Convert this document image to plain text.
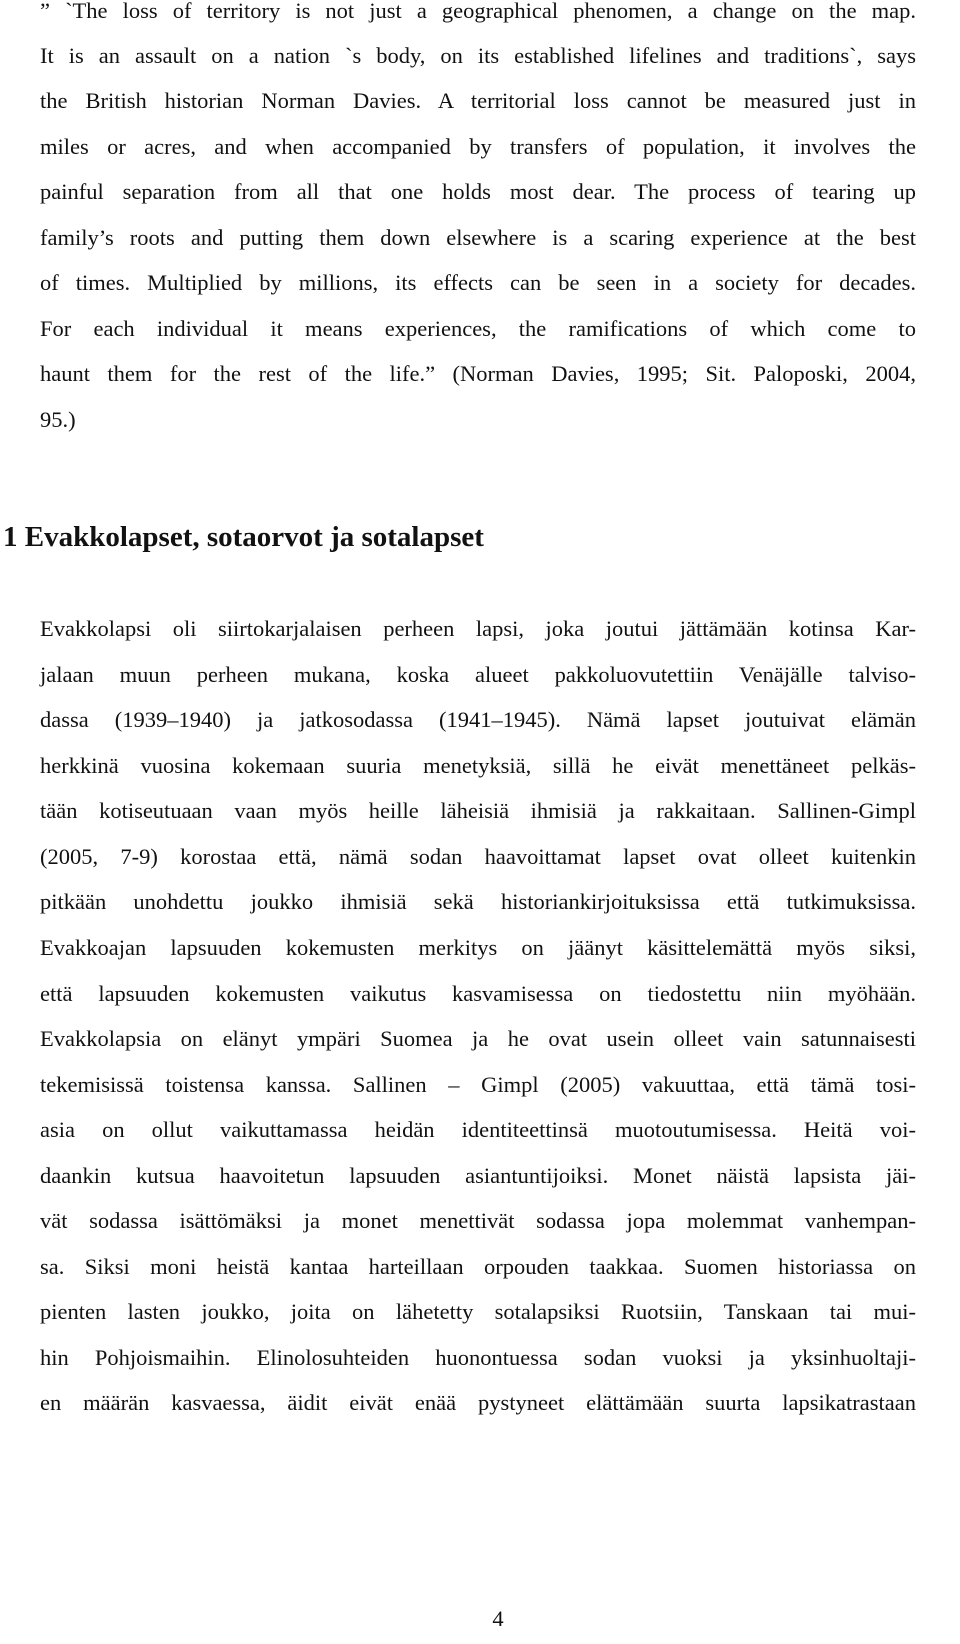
” `The loss of territory is not just a geographical phenomen, a change on the map.

It is an assault on a nation `s body, on its established lifelines and traditions`, says

the British historian Norman Davies. A territorial loss cannot be measured just in

miles or acres, and when accompanied by transfers of population, it involves the

painful separation from all that one holds most dear. The process of tearing up

family’s roots and putting them down elsewhere is a scaring experience at the best

of times. Multiplied by millions, its effects can be seen in a society for decades.

For each individual it means experiences, the ramifications of which come to

haunt them for the rest of the life.” (Norman Davies, 1995; Sit. Paloposki, 2004,

95.)

1 Evakkolapset, sotaorvot ja sotalapset

Evakkolapsi oli siirtokarjalaisen perheen lapsi, joka joutui jättämään kotinsa Kar-

jalaan muun perheen mukana, koska alueet pakkoluovutettiin Venäjälle talviso-

dassa (1939–1940) ja jatkosodassa (1941–1945). Nämä lapset joutuivat elämän

herkkinä vuosina kokemaan suuria menetyksiä, sillä he eivät menettäneet pelkäs-

tään kotiseutuaan vaan myös heille läheisiä ihmisiä ja rakkaitaan. Sallinen-Gimpl

(2005, 7-9) korostaa että, nämä sodan haavoittamat lapset ovat olleet kuitenkin

pitkään unohdettu joukko ihmisiä sekä historiankirjoituksissa että tutkimuksissa.

Evakkoajan lapsuuden kokemusten merkitys on jäänyt käsittelemättä myös siksi,

että lapsuuden kokemusten vaikutus kasvamisessa on tiedostettu niin myöhään.

Evakkolapsia on elänyt ympäri Suomea ja he ovat usein olleet vain satunnaisesti

tekemisissä toistensa kanssa. Sallinen – Gimpl (2005) vakuuttaa, että tämä tosi-

asia on ollut vaikuttamassa heidän identiteettinsä muotoutumisessa. Heitä voi-

daankin kutsua haavoitetun lapsuuden asiantuntijoiksi. Monet näistä lapsista jäi-

vät sodassa isättömäksi ja monet menettivät sodassa jopa molemmat vanhempan-

sa. Siksi moni heistä kantaa harteillaan orpouden taakkaa. Suomen historiassa on

pienten lasten joukko, joita on lähetetty sotalapsiksi Ruotsiin, Tanskaan tai mui-

hin Pohjoismaihin. Elinolosuhteiden huonontuessa sodan vuoksi ja yksinhuoltaji-

en määrän kasvaessa, äidit eivät enää pystyneet elättämään suurta lapsikatrastaan

4
